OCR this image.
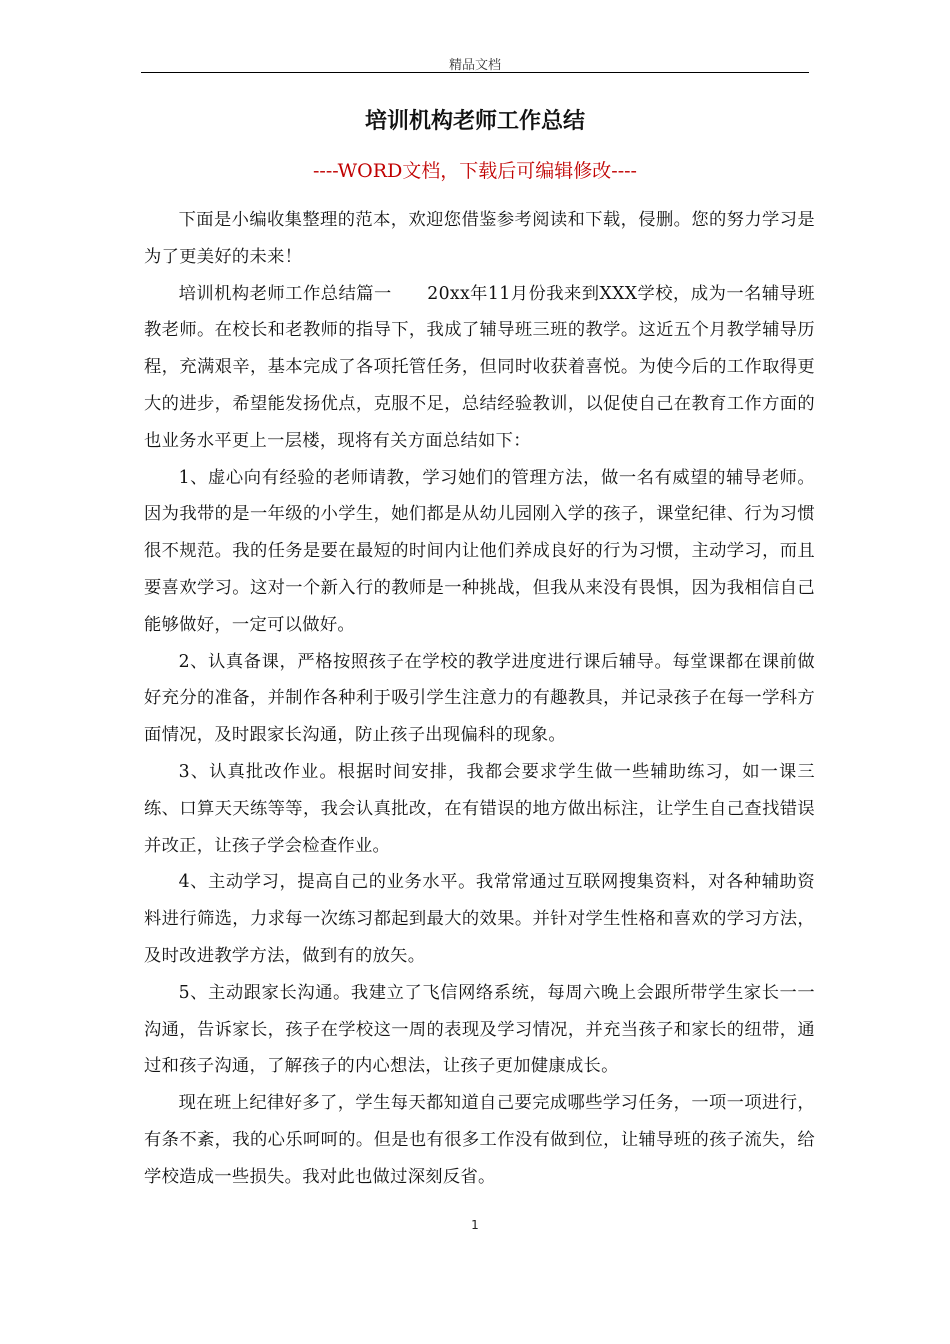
精品文档
培训机构老师工作总结
----WORD文档，下载后可编辑修改----

下面是小编收集整理的范本，欢迎您借鉴参考阅读和下载，侵删。您的努力学习是为了更美好的未来！

培训机构老师工作总结篇一　　20xx年11月份我来到XXX学校，成为一名辅导班教老师。在校长和老教师的指导下，我成了辅导班三班的教学。这近五个月教学辅导历程，充满艰辛，基本完成了各项托管任务，但同时收获着喜悦。为使今后的工作取得更大的进步，希望能发扬优点，克服不足，总结经验教训，以促使自己在教育工作方面的也业务水平更上一层楼，现将有关方面总结如下：

1、虚心向有经验的老师请教，学习她们的管理方法，做一名有威望的辅导老师。因为我带的是一年级的小学生，她们都是从幼儿园刚入学的孩子，课堂纪律、行为习惯很不规范。我的任务是要在最短的时间内让他们养成良好的行为习惯，主动学习，而且要喜欢学习。这对一个新入行的教师是一种挑战，但我从来没有畏惧，因为我相信自己能够做好，一定可以做好。

2、认真备课，严格按照孩子在学校的教学进度进行课后辅导。每堂课都在课前做好充分的准备，并制作各种利于吸引学生注意力的有趣教具，并记录孩子在每一学科方面情况，及时跟家长沟通，防止孩子出现偏科的现象。

3、认真批改作业。根据时间安排，我都会要求学生做一些辅助练习，如一课三练、口算天天练等等，我会认真批改，在有错误的地方做出标注，让学生自己查找错误并改正，让孩子学会检查作业。

4、主动学习，提高自己的业务水平。我常常通过互联网搜集资料，对各种辅助资料进行筛选，力求每一次练习都起到最大的效果。并针对学生性格和喜欢的学习方法，及时改进教学方法，做到有的放矢。

5、主动跟家长沟通。我建立了飞信网络系统，每周六晚上会跟所带学生家长一一沟通，告诉家长，孩子在学校这一周的表现及学习情况，并充当孩子和家长的纽带，通过和孩子沟通，了解孩子的内心想法，让孩子更加健康成长。

现在班上纪律好多了，学生每天都知道自己要完成哪些学习任务，一项一项进行，有条不紊，我的心乐呵呵的。但是也有很多工作没有做到位，让辅导班的孩子流失，给学校造成一些损失。我对此也做过深刻反省。

1
